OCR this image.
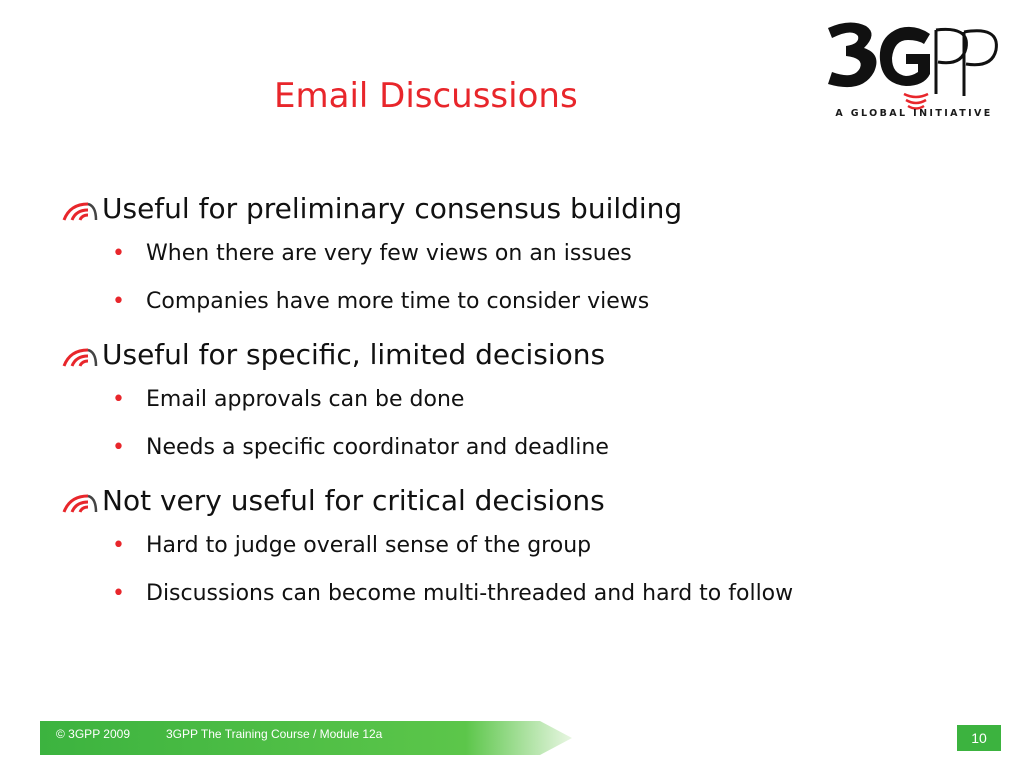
Email Discussions	A GLOBAL INITIATIVE
Useful for preliminary consensus building
• When there are very few views on an issues
• Companies have more time to consider views
Useful for specific, limited decisions
• Email approvals can be done
• Needs a specific coordinator and deadline
Not very useful for critical decisions
• Hard to judge overall sense of the group
• Discussions can become multi-threaded and hard to follow
© 3GPP 2009	3GPP The Training Course / Module 12a	10
